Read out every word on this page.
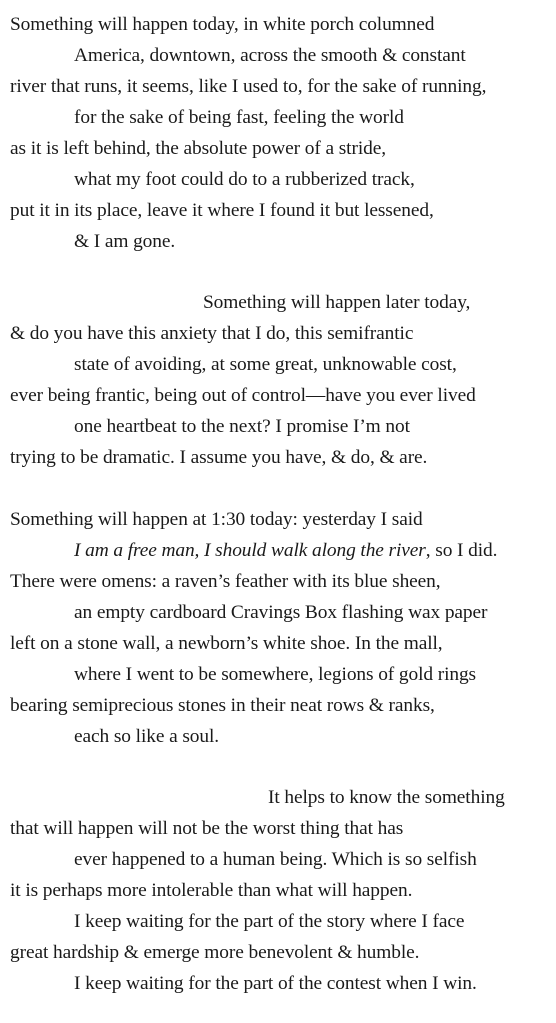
Something will happen today, in white porch columned
America, downtown, across the smooth & constant
river that runs, it seems, like I used to, for the sake of running,
for the sake of being fast, feeling the world
as it is left behind, the absolute power of a stride,
what my foot could do to a rubberized track,
put it in its place, leave it where I found it but lessened,
& I am gone.
Something will happen later today,
& do you have this anxiety that I do, this semifrantic
state of avoiding, at some great, unknowable cost,
ever being frantic, being out of control—have you ever lived
one heartbeat to the next? I promise I’m not
trying to be dramatic. I assume you have, & do, & are.
Something will happen at 1:30 today: yesterday I said
I am a free man, I should walk along the river, so I did.
There were omens: a raven’s feather with its blue sheen,
an empty cardboard Cravings Box flashing wax paper
left on a stone wall, a newborn’s white shoe. In the mall,
where I went to be somewhere, legions of gold rings
bearing semiprecious stones in their neat rows & ranks,
each so like a soul.
It helps to know the something
that will happen will not be the worst thing that has
ever happened to a human being. Which is so selfish
it is perhaps more intolerable than what will happen.
I keep waiting for the part of the story where I face
great hardship & emerge more benevolent & humble.
I keep waiting for the part of the contest when I win.
